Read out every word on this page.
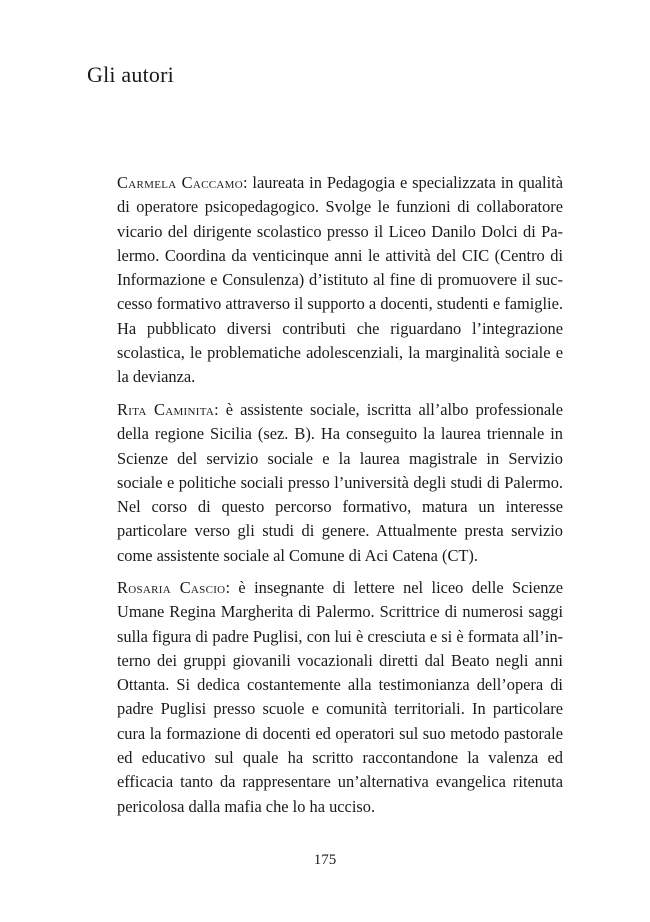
Gli autori

Carmela Caccamo: laureata in Pedagogia e specializzata in qualità di operatore psicopedagogico. Svolge le funzioni di collaboratore vicario del dirigente scolastico presso il Liceo Danilo Dolci di Palermo. Coordina da venticinque anni le attività del CIC (Centro di Informazione e Consulenza) d’istituto al fine di promuovere il successo formativo attraverso il supporto a docenti, studenti e famiglie. Ha pubblicato diversi contributi che riguardano l’integrazione scolastica, le problematiche adolescenziali, la marginalità sociale e la devianza.

Rita Caminita: è assistente sociale, iscritta all’albo professionale della regione Sicilia (sez. B). Ha conseguito la laurea triennale in Scienze del servizio sociale e la laurea magistrale in Servizio sociale e politiche sociali presso l’università degli studi di Palermo. Nel corso di questo percorso formativo, matura un interesse particolare verso gli studi di genere. Attualmente presta servizio come assistente sociale al Comune di Aci Catena (CT).

Rosaria Cascio: è insegnante di lettere nel liceo delle Scienze Umane Regina Margherita di Palermo. Scrittrice di numerosi saggi sulla figura di padre Puglisi, con lui è cresciuta e si è formata all’interno dei gruppi giovanili vocazionali diretti dal Beato negli anni Ottanta. Si dedica costantemente alla testimonianza dell’opera di padre Puglisi presso scuole e comunità territoriali. In particolare cura la formazione di docenti ed operatori sul suo metodo pastorale ed educativo sul quale ha scritto raccontandone la valenza ed efficacia tanto da rappresentare un’alternativa evangelica ritenuta pericolosa dalla mafia che lo ha ucciso.

175
